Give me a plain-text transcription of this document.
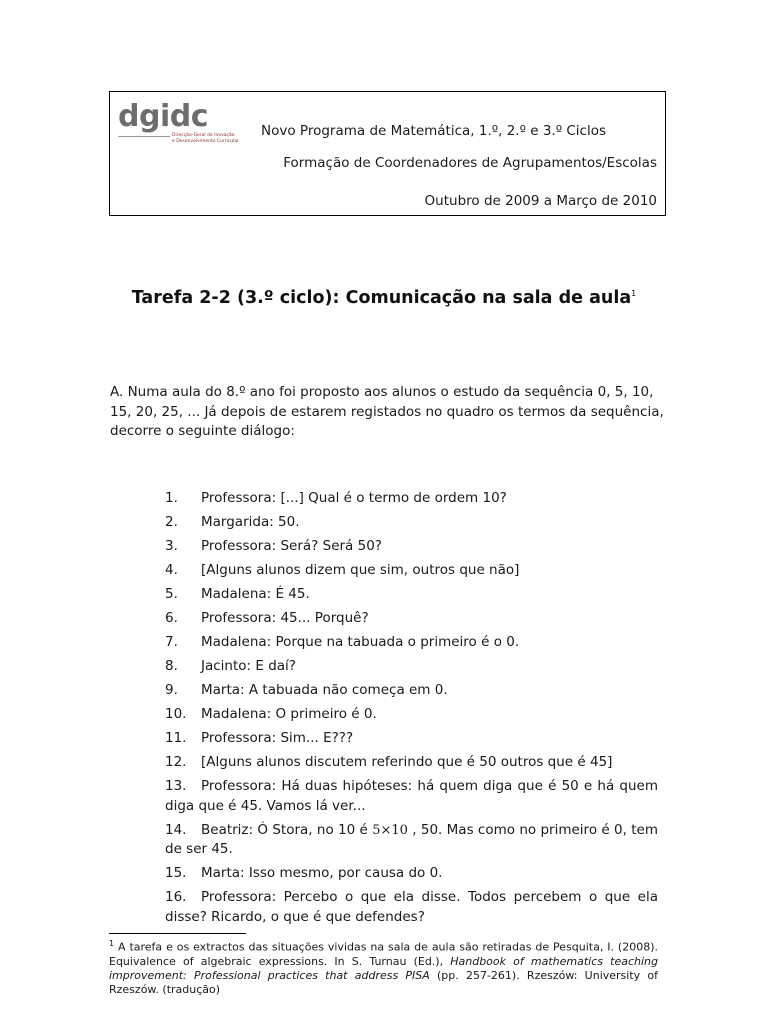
dgidc
Direcção-Geral de Inovação
e Desenvolvimento Curricular
Novo Programa de Matemática, 1.º, 2.º e 3.º Ciclos
Formação de Coordenadores de Agrupamentos/Escolas
Outubro de 2009 a Março de 2010
Tarefa 2-2 (3.º ciclo): Comunicação na sala de aula$^1$
A. Numa aula do 8.º ano foi proposto aos alunos o estudo da sequência 0, 5, 10, 15, 20, 25, ... Já depois de estarem registados no quadro os termos da sequência, decorre o seguinte diálogo:
1. Professora: [...] Qual é o termo de ordem 10?
2. Margarida: 50.
3. Professora: Será? Será 50?
4. [Alguns alunos dizem que sim, outros que não]
5. Madalena: É 45.
6. Professora: 45... Porquê?
7. Madalena: Porque na tabuada o primeiro é o 0.
8. Jacinto: E daí?
9. Marta: A tabuada não começa em 0.
10. Madalena: O primeiro é 0.
11. Professora: Sim... E???
12. [Alguns alunos discutem referindo que é 50 outros que é 45]
13.	Professora: Há duas hipóteses: há quem diga que é 50 e há quem diga que é 45. Vamos lá ver...
14.	Beatriz: Ó Stora, no 10 é 5×10 , 50. Mas como no primeiro é 0, tem de ser 45.
15. Marta: Isso mesmo, por causa do 0.
16.	Professora: Percebo o que ela disse. Todos percebem o que ela disse? Ricardo, o que é que defendes?
$^1$ A tarefa e os extractos das situações vividas na sala de aula são retiradas de Pesquita, I. (2008). Equivalence of algebraic expressions. In S. Turnau (Ed.), Handbook of mathematics teaching improvement: Professional practices that address PISA (pp. 257-261). Rzeszów: University of Rzeszów. (tradução)
